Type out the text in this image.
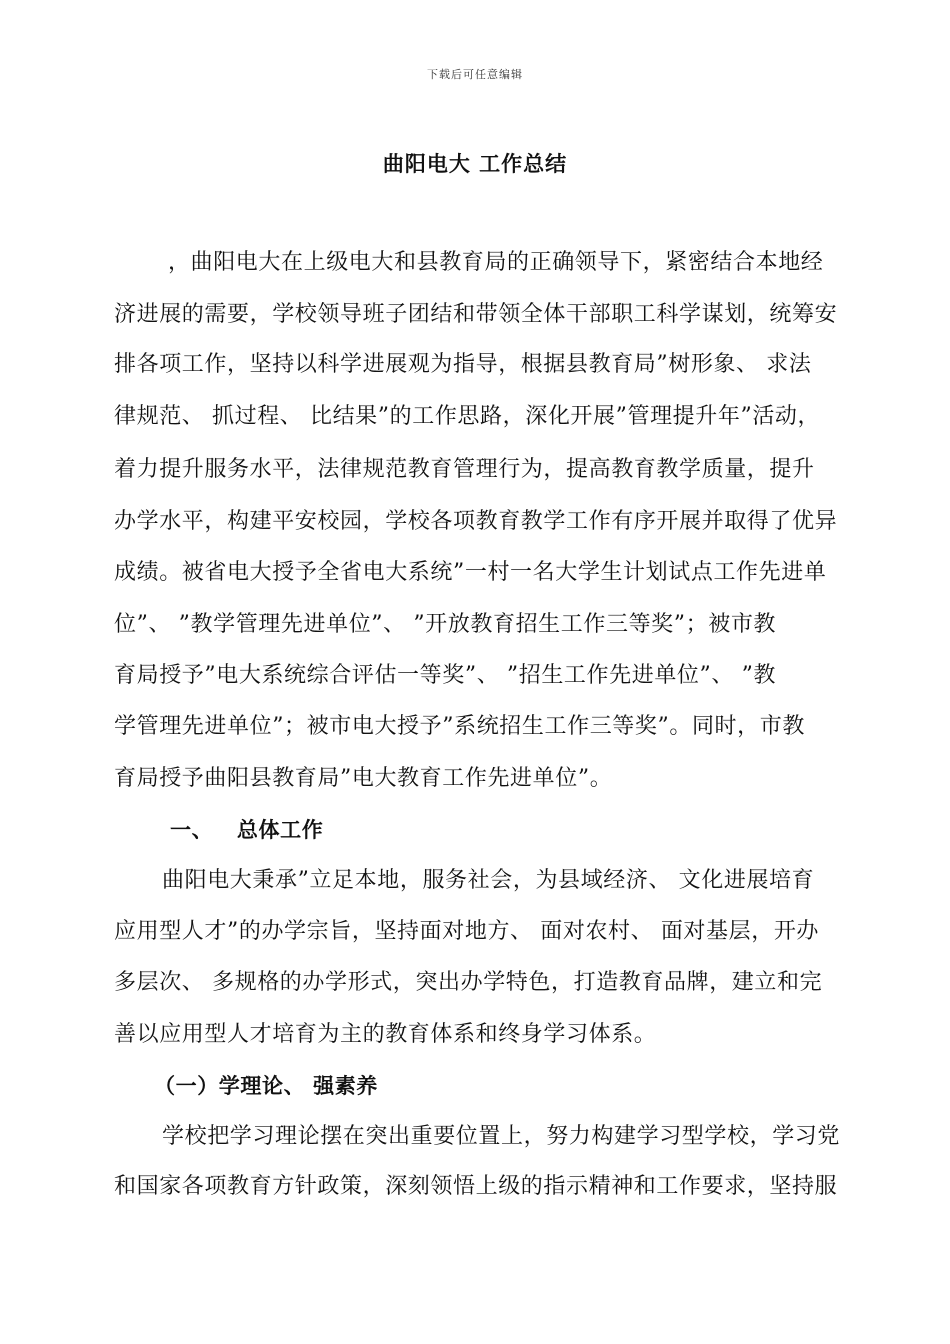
下载后可任意编辑
曲阳电大 工作总结
，曲阳电大在上级电大和县教育局的正确领导下，紧密结合本地经
济进展的需要，学校领导班子团结和带领全体干部职工科学谋划，统筹安
排各项工作，坚持以科学进展观为指导，根据县教育局”树形象、 求法
律规范、 抓过程、 比结果”的工作思路，深化开展”管理提升年”活动，
着力提升服务水平，法律规范教育管理行为，提高教育教学质量，提升
办学水平，构建平安校园，学校各项教育教学工作有序开展并取得了优异
成绩。被省电大授予全省电大系统”一村一名大学生计划试点工作先进单
位”、 ”教学管理先进单位”、 ”开放教育招生工作三等奖”；被市教
育局授予”电大系统综合评估一等奖”、 ”招生工作先进单位”、 ”教
学管理先进单位”；被市电大授予”系统招生工作三等奖”。同时，市教
育局授予曲阳县教育局”电大教育工作先进单位”。
一、   总体工作
曲阳电大秉承”立足本地，服务社会，为县域经济、 文化进展培育
应用型人才”的办学宗旨，坚持面对地方、 面对农村、 面对基层，开办
多层次、 多规格的办学形式，突出办学特色，打造教育品牌，建立和完
善以应用型人才培育为主的教育体系和终身学习体系。
（一）学理论、 强素养
学校把学习理论摆在突出重要位置上，努力构建学习型学校，学习党
和国家各项教育方针政策，深刻领悟上级的指示精神和工作要求，坚持服
